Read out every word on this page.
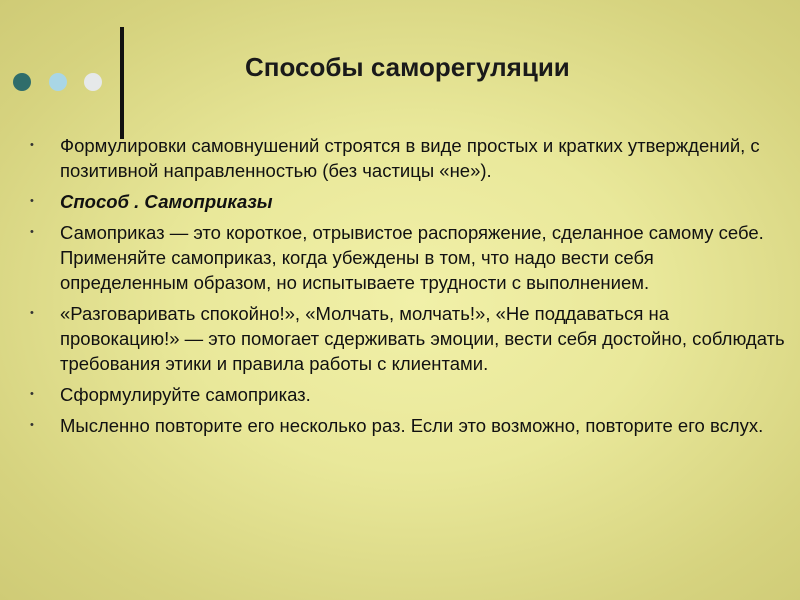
Способы саморегуляции
•	Формулировки самовнушений строятся в виде простых и кратких утверждений, с позитивной направленностью (без частицы «не»).
•	Способ . Самоприказы
•	Самоприказ — это короткое, отрывистое распоряжение, сделанное самому себе. Применяйте самоприказ, когда убеждены в том, что надо вести себя определенным образом, но испытываете трудности с выполнением.
•	«Разговаривать спокойно!», «Молчать, молчать!», «Не поддаваться на провокацию!» — это помогает сдерживать эмоции, вести себя достойно, соблюдать требования этики и правила работы с клиентами.
•	Сформулируйте самоприказ.
•	Мысленно повторите его несколько раз. Если это возможно, повторите его вслух.
